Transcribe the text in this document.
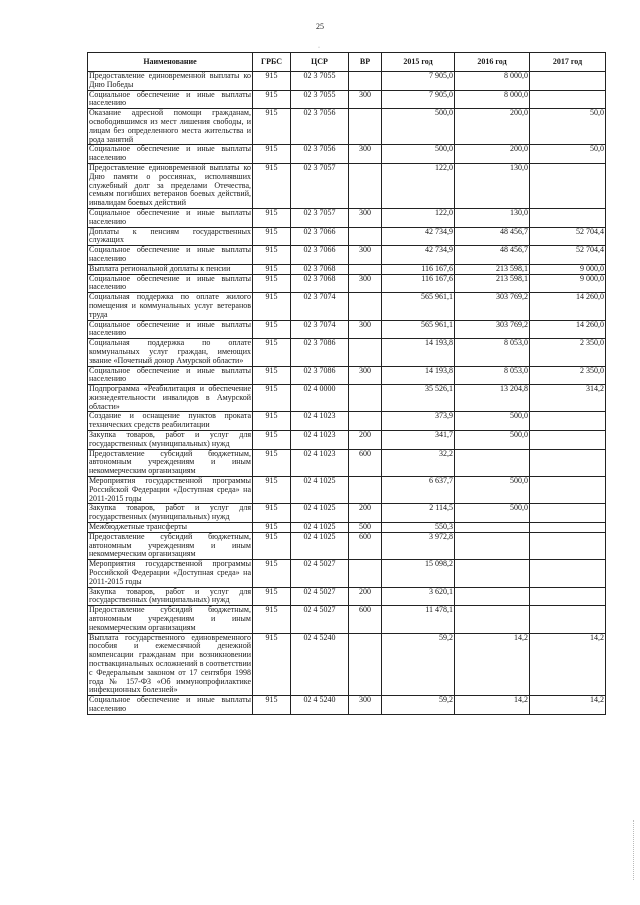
25
·
Наименование	ГРБС	ЦСР	ВР	2015 год	2016 год	2017 год
Предоставление единовременной выплаты ко Дню Победы	915	02 3 7055		7 905,0	8 000,0	
Социальное обеспечение и иные выплаты населению	915	02 3 7055	300	7 905,0	8 000,0	
Оказание адресной помощи гражданам, освободившимся из мест лишения свободы, и лицам без определенного места жительства и рода занятий	915	02 3 7056		500,0	200,0	50,0
Социальное обеспечение и иные выплаты населению	915	02 3 7056	300	500,0	200,0	50,0
Предоставление единовременной выплаты ко Дню памяти о россиянах, исполнявших служебный долг за пределами Отечества, семьям погибших ветеранов боевых действий, инвалидам боевых действий	915	02 3 7057		122,0	130,0	
Социальное обеспечение и иные выплаты населению	915	02 3 7057	300	122,0	130,0	
Доплаты к пенсиям государственных служащих	915	02 3 7066		42 734,9	48 456,7	52 704,4
Социальное обеспечение и иные выплаты населению	915	02 3 7066	300	42 734,9	48 456,7	52 704,4
Выплата региональной доплаты к пенсии	915	02 3 7068		116 167,6	213 598,1	9 000,0
Социальное обеспечение и иные выплаты населению	915	02 3 7068	300	116 167,6	213 598,1	9 000,0
Социальная поддержка по оплате жилого помещения и коммунальных услуг ветеранов труда	915	02 3 7074		565 961,1	303 769,2	14 260,0
Социальное обеспечение и иные выплаты населению	915	02 3 7074	300	565 961,1	303 769,2	14 260,0
Социальная поддержка по оплате коммунальных услуг граждан, имеющих звание «Почетный донор Амурской области»	915	02 3 7086		14 193,8	8 053,0	2 350,0
Социальное обеспечение и иные выплаты населению	915	02 3 7086	300	14 193,8	8 053,0	2 350,0
Подпрограмма «Реабилитация и обеспечение жизнедеятельности инвалидов в Амурской области»	915	02 4 0000		35 526,1	13 204,8	314,2
Создание и оснащение пунктов проката технических средств реабилитации	915	02 4 1023		373,9	500,0	
Закупка товаров, работ и услуг для государственных (муниципальных) нужд	915	02 4 1023	200	341,7	500,0	
Предоставление субсидий бюджетным, автономным учреждениям и иным некоммерческим организациям	915	02 4 1023	600	32,2		
Мероприятия государственной программы Российской Федерации «Доступная среда» на 2011-2015 годы	915	02 4 1025		6 637,7	500,0	
Закупка товаров, работ и услуг для государственных (муниципальных) нужд	915	02 4 1025	200	2 114,5	500,0	
Межбюджетные трансферты	915	02 4 1025	500	550,3		
Предоставление субсидий бюджетным, автономным учреждениям и иным некоммерческим организациям	915	02 4 1025	600	3 972,8		
Мероприятия государственной программы Российской Федерации «Доступная среда» на 2011-2015 годы	915	02 4 5027		15 098,2		
Закупка товаров, работ и услуг для государственных (муниципальных) нужд	915	02 4 5027	200	3 620,1		
Предоставление субсидий бюджетным, автономным учреждениям и иным некоммерческим организациям	915	02 4 5027	600	11 478,1		
Выплата государственного единовременного пособия и ежемесячной денежной компенсации гражданам при возникновении поствакцинальных осложнений в соответствии с Федеральным законом от 17 сентября 1998 года № 157-ФЗ «Об иммунопрофилактике инфекционных болезней»	915	02 4 5240		59,2	14,2	14,2
Социальное обеспечение и иные выплаты населению	915	02 4 5240	300	59,2	14,2	14,2
